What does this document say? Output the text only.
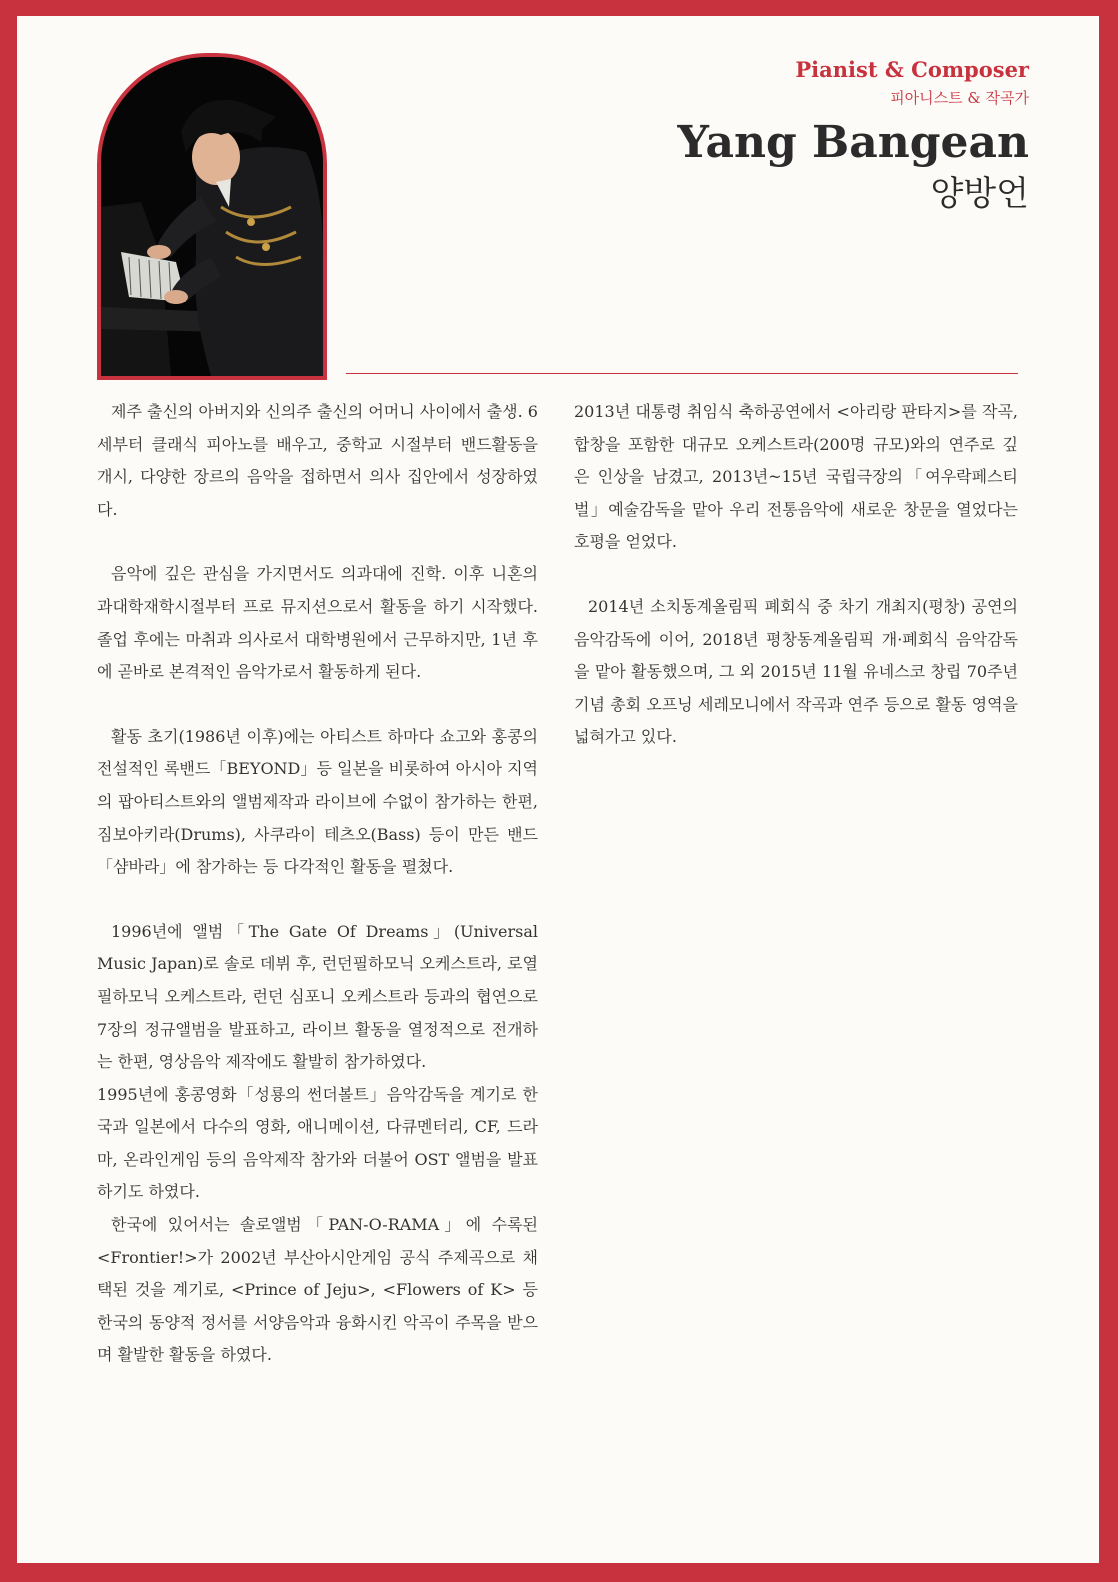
Pianist & Composer

피아니스트 & 작곡가

Yang Bangean

양방언

제주 출신의 아버지와 신의주 출신의 어머니 사이에서 출생. 6세부터 클래식 피아노를 배우고, 중학교 시절부터 밴드활동을 개시, 다양한 장르의 음악을 접하면서 의사 집안에서 성장하였다.

음악에 깊은 관심을 가지면서도 의과대에 진학. 이후 니혼의과대학재학시절부터 프로 뮤지션으로서 활동을 하기 시작했다. 졸업 후에는 마취과 의사로서 대학병원에서 근무하지만, 1년 후에 곧바로 본격적인 음악가로서 활동하게 된다.

활동 초기(1986년 이후)에는 아티스트 하마다 쇼고와 홍콩의 전설적인 록밴드「BEYOND」등 일본을 비롯하여 아시아 지역의 팝아티스트와의 앨범제작과 라이브에 수없이 참가하는 한편, 짐보아키라(Drums), 사쿠라이 테츠오(Bass) 등이 만든 밴드「샴바라」에 참가하는 등 다각적인 활동을 펼쳤다.

1996년에 앨범「The Gate Of Dreams」(Universal Music Japan)로 솔로 데뷔 후, 런던필하모닉 오케스트라, 로열필하모닉 오케스트라, 런던 심포니 오케스트라 등과의 협연으로 7장의 정규앨범을 발표하고, 라이브 활동을 열정적으로 전개하는 한편, 영상음악 제작에도 활발히 참가하였다.

1995년에 홍콩영화「성룡의 썬더볼트」음악감독을 계기로 한국과 일본에서 다수의 영화, 애니메이션, 다큐멘터리, CF, 드라마, 온라인게임 등의 음악제작 참가와 더불어 OST 앨범을 발표하기도 하였다.

한국에 있어서는 솔로앨범「PAN-O-RAMA」에 수록된 <Frontier!>가 2002년 부산아시안게임 공식 주제곡으로 채택된 것을 계기로, <Prince of Jeju>, <Flowers of K> 등 한국의 동양적 정서를 서양음악과 융화시킨 악곡이 주목을 받으며 활발한 활동을 하였다.

2013년 대통령 취임식 축하공연에서 <아리랑 판타지>를 작곡, 합창을 포함한 대규모 오케스트라(200명 규모)와의 연주로 깊은 인상을 남겼고, 2013년~15년 국립극장의「여우락페스티벌」예술감독을 맡아 우리 전통음악에 새로운 창문을 열었다는 호평을 얻었다.

2014년 소치동계올림픽 폐회식 중 차기 개최지(평창) 공연의 음악감독에 이어, 2018년 평창동계올림픽 개·폐회식 음악감독을 맡아 활동했으며, 그 외 2015년 11월 유네스코 창립 70주년 기념 총회 오프닝 세레모니에서 작곡과 연주 등으로 활동 영역을 넓혀가고 있다.
